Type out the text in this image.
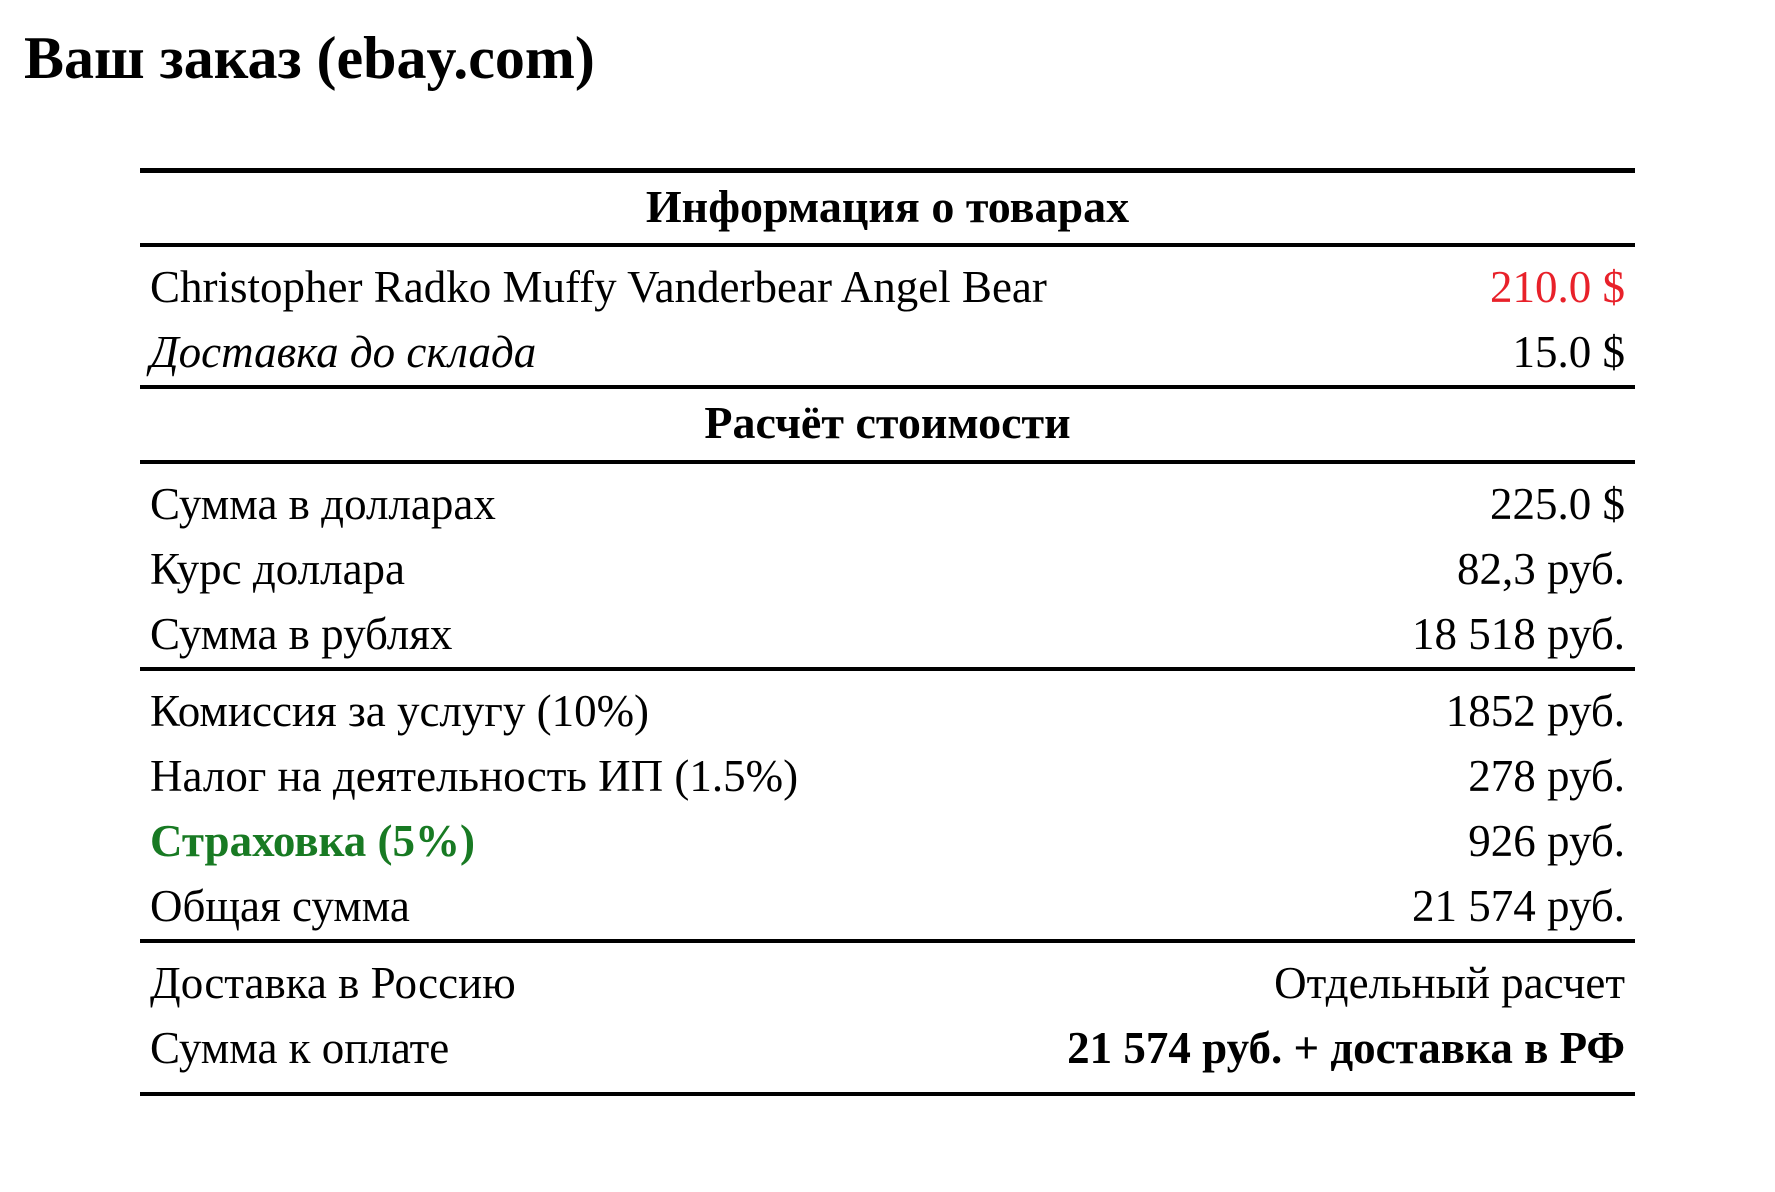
Ваш заказ (ebay.com)

Информация о товарах	

Christopher Radko Muffy Vanderbear Angel Bear	210.0 $
Доставка до склада	15.0 $

Расчёт стоимости	

Сумма в долларах	225.0 $
Курс доллара	82,3 руб.
Сумма в рублях	18 518 руб.

Комиссия за услугу (10%)	1852 руб.
Налог на деятельность ИП (1.5%)	278 руб.
Страховка (5%)	926 руб.
Общая сумма	21 574 руб.

Доставка в Россию	Отдельный расчет
Сумма к оплате	21 574 руб. + доставка в РФ
